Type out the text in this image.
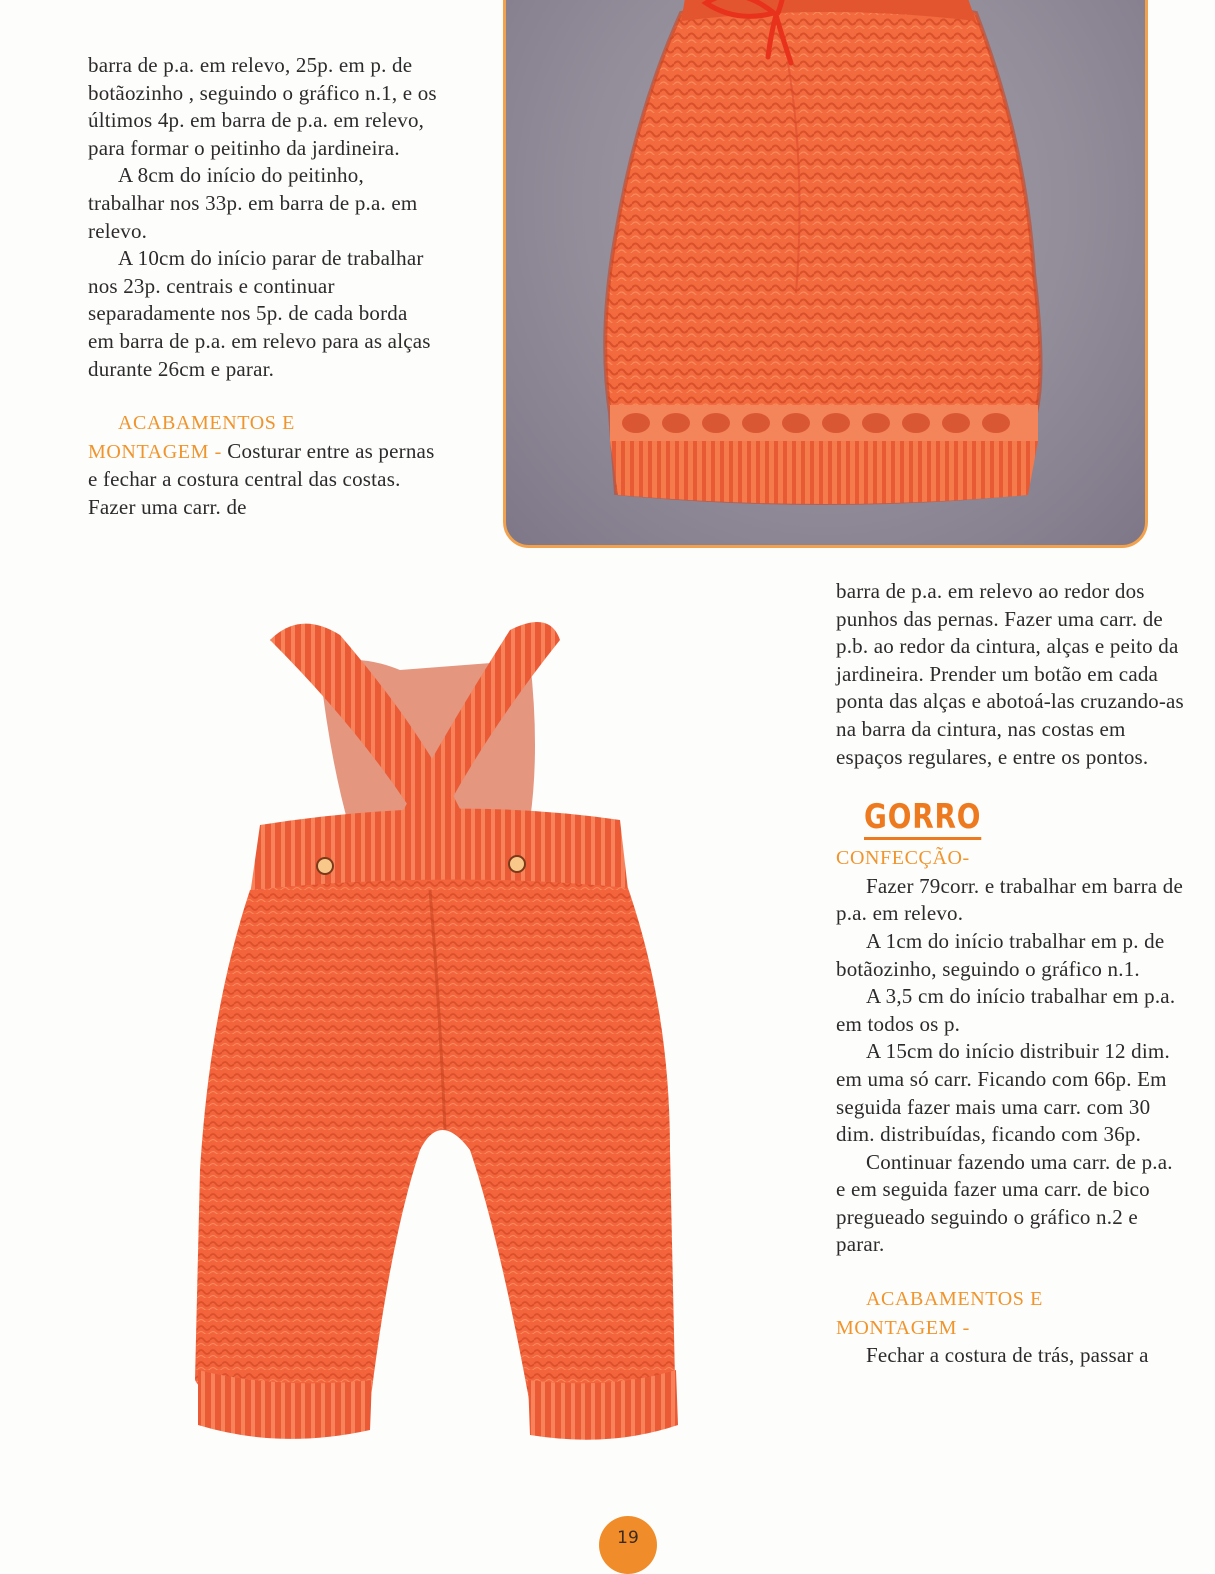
barra de p.a. em relevo, 25p. em p. de botãozinho , seguindo o gráfico n.1, e os últimos 4p. em barra de p.a. em relevo, para formar o peitinho da jardineira.

A 8cm do início do peitinho, trabalhar nos 33p. em barra de p.a. em relevo.

A 10cm do início parar de trabalhar nos 23p. centrais e continuar separadamente nos 5p. de cada borda em barra de p.a. em relevo para as alças durante 26cm e parar.

ACABAMENTOS E

MONTAGEM - Costurar entre as pernas e fechar a costura central das costas. Fazer uma carr. de

barra de p.a. em relevo ao redor dos punhos das pernas. Fazer uma carr. de p.b. ao redor da cintura, alças e peito da jardineira. Prender um botão em cada ponta das alças e abotoá-las cruzando-as na barra da cintura, nas costas em espaços regulares, e entre os pontos.

GORRO

CONFECÇÃO-

Fazer 79corr. e trabalhar em barra de p.a. em relevo.

A 1cm do início trabalhar em p. de botãozinho, seguindo o gráfico n.1.

A 3,5 cm do início trabalhar em p.a. em todos os p.

A 15cm do início distribuir 12 dim. em uma só carr. Ficando com 66p. Em seguida fazer mais uma carr. com 30 dim. distribuídas, ficando com 36p.

Continuar fazendo uma carr. de p.a. e em seguida fazer uma carr. de bico pregueado seguindo o gráfico n.2 e parar.

ACABAMENTOS E

MONTAGEM -

Fechar a costura de trás, passar a

19
